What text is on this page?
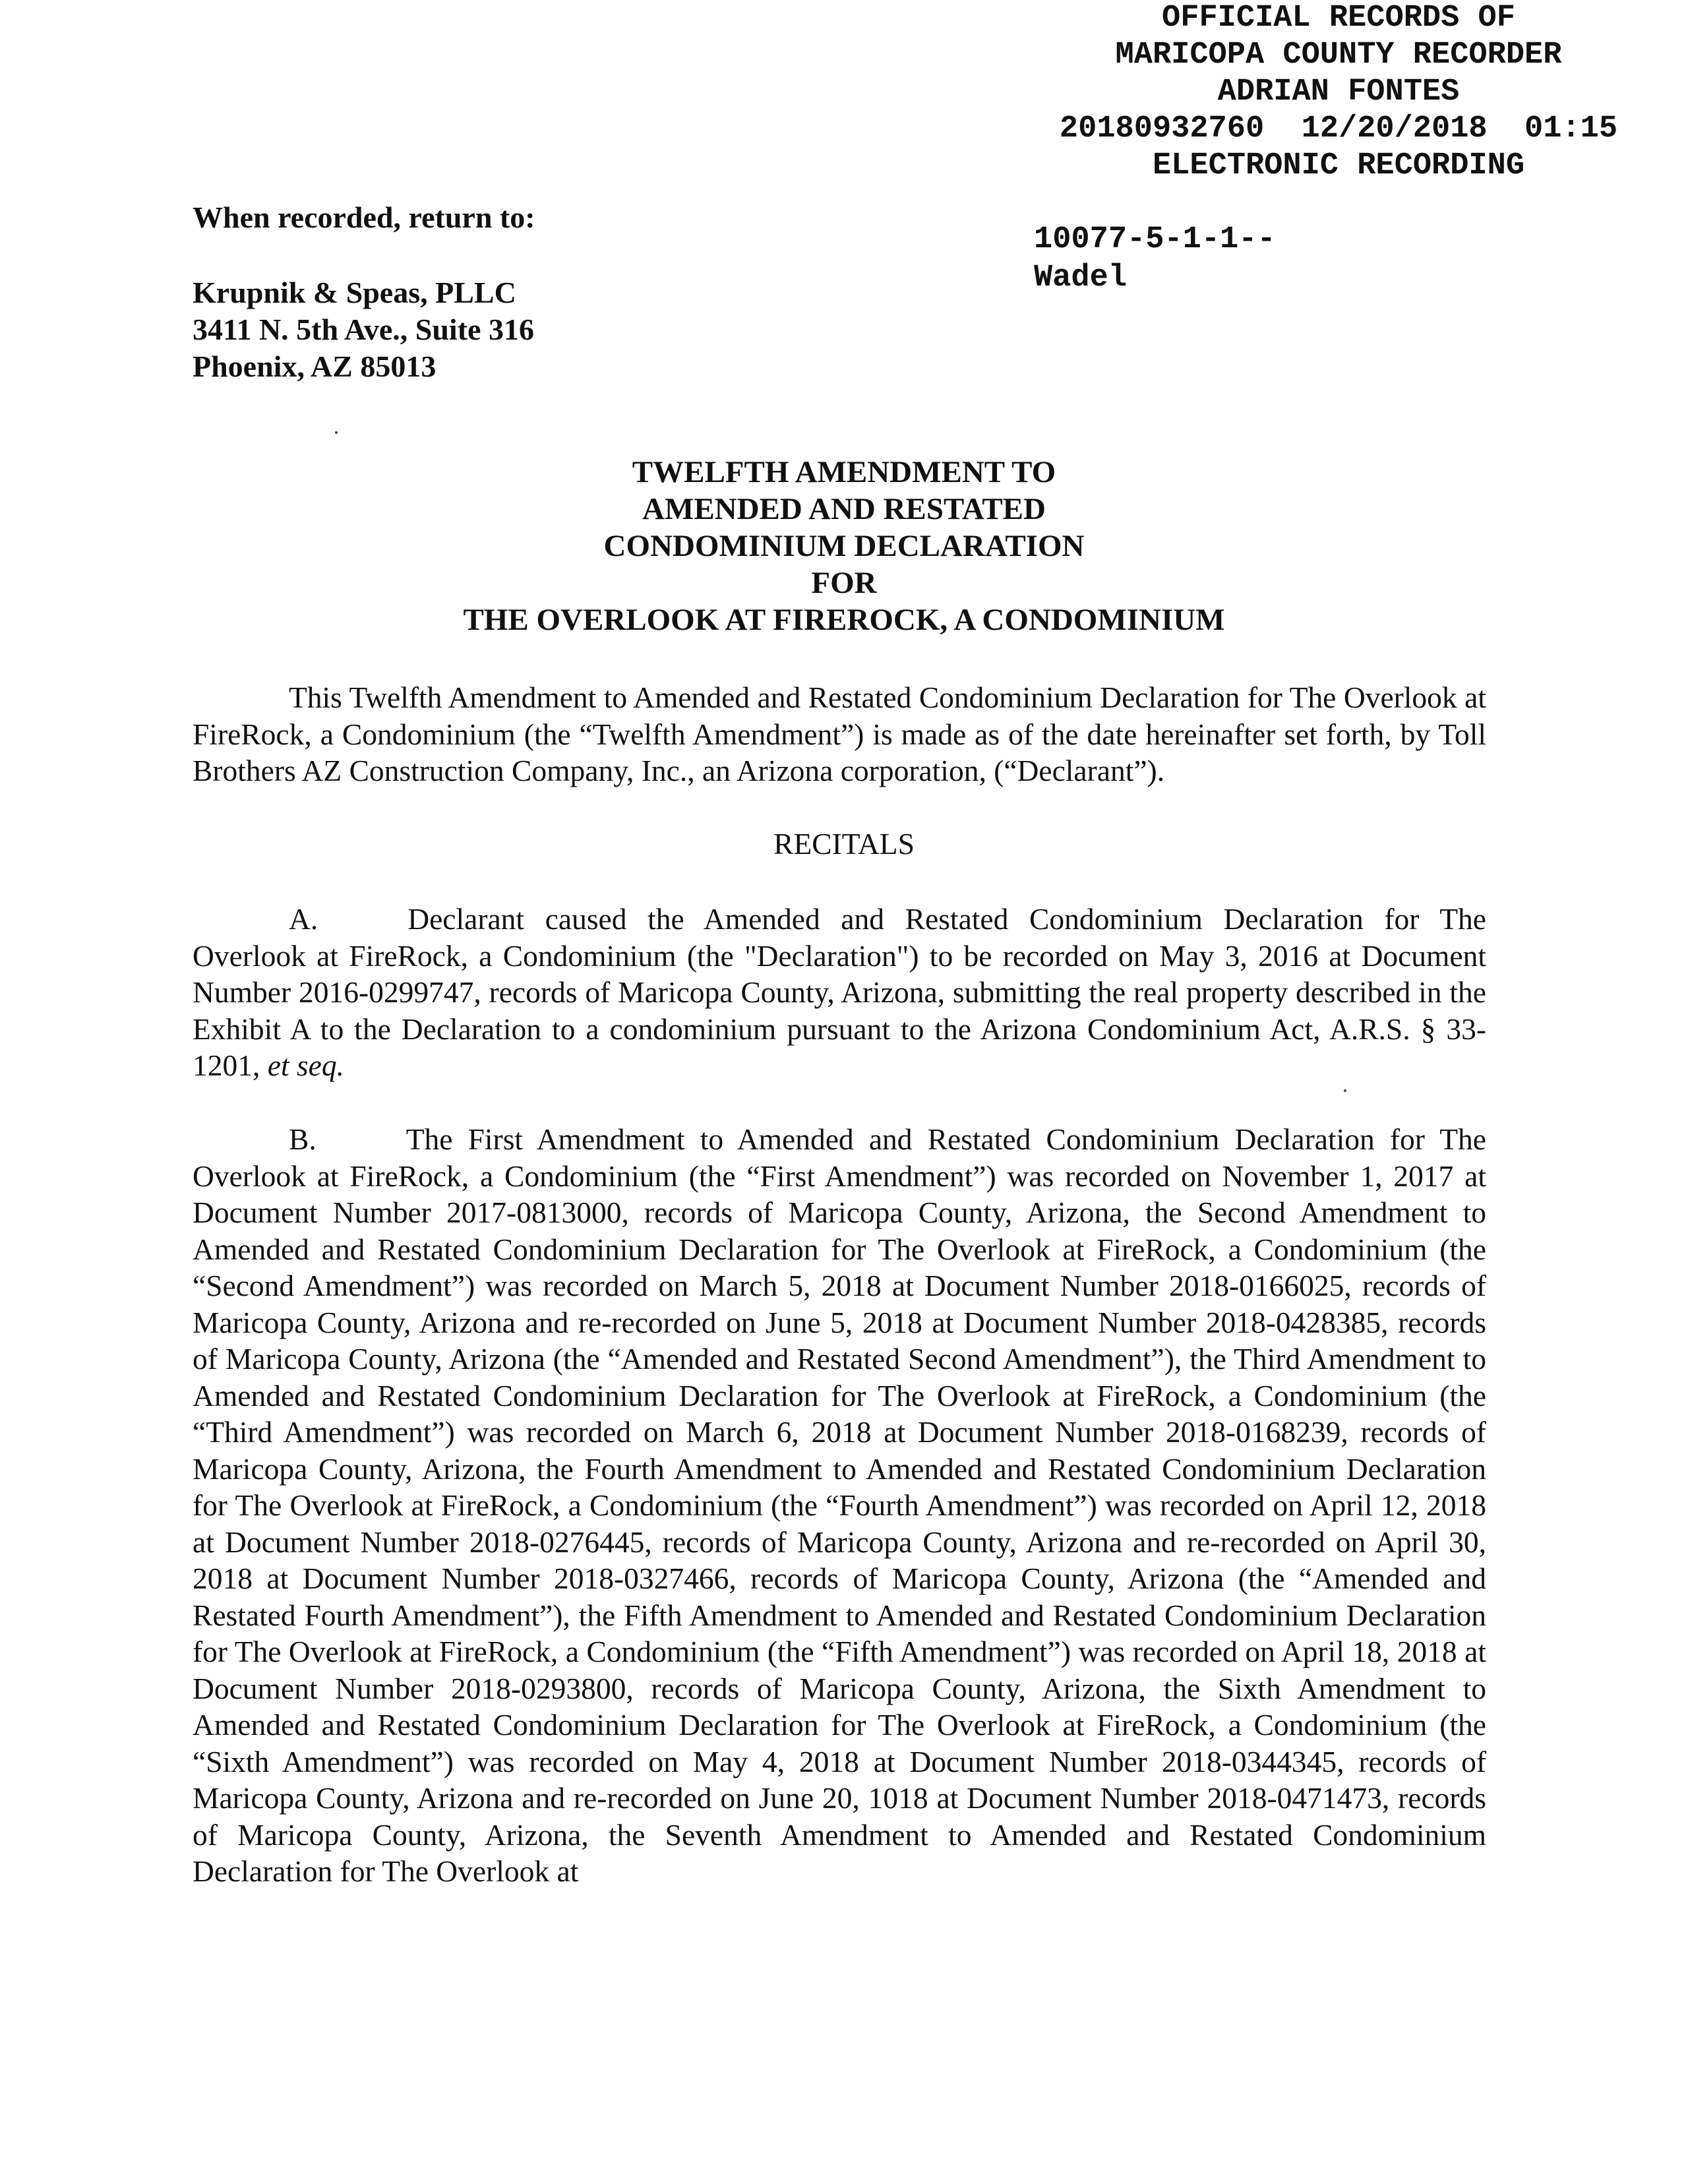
OFFICIAL RECORDS OF
MARICOPA COUNTY RECORDER
ADRIAN FONTES
20180932760  12/20/2018  01:15
ELECTRONIC RECORDING
10077-5-1-1--
Wadel
When recorded, return to:
Krupnik & Speas, PLLC
3411 N. 5th Ave., Suite 316
Phoenix, AZ 85013
TWELFTH AMENDMENT TO
AMENDED AND RESTATED
CONDOMINIUM DECLARATION
FOR
THE OVERLOOK AT FIREROCK, A CONDOMINIUM

This Twelfth Amendment to Amended and Restated Condominium Declaration for The Overlook at FireRock, a Condominium (the “Twelfth Amendment”) is made as of the date hereinafter set forth, by Toll Brothers AZ Construction Company, Inc., an Arizona corporation, (“Declarant”).

RECITALS

A.	Declarant caused the Amended and Restated Condominium Declaration for The Overlook at FireRock, a Condominium (the "Declaration") to be recorded on May 3, 2016 at Document Number 2016-0299747, records of Maricopa County, Arizona, submitting the real property described in the Exhibit A to the Declaration to a condominium pursuant to the Arizona Condominium Act, A.R.S. § 33-1201, et seq.

B.	The First Amendment to Amended and Restated Condominium Declaration for The Overlook at FireRock, a Condominium (the “First Amendment”) was recorded on November 1, 2017 at Document Number 2017-0813000, records of Maricopa County, Arizona, the Second Amendment to Amended and Restated Condominium Declaration for The Overlook at FireRock, a Condominium (the “Second Amendment”) was recorded on March 5, 2018 at Document Number 2018-0166025, records of Maricopa County, Arizona and re-recorded on June 5, 2018 at Document Number 2018-0428385, records of Maricopa County, Arizona (the “Amended and Restated Second Amendment”), the Third Amendment to Amended and Restated Condominium Declaration for The Overlook at FireRock, a Condominium (the “Third Amendment”) was recorded on March 6, 2018 at Document Number 2018-0168239, records of Maricopa County, Arizona, the Fourth Amendment to Amended and Restated Condominium Declaration for The Overlook at FireRock, a Condominium (the “Fourth Amendment”) was recorded on April 12, 2018 at Document Number 2018-0276445, records of Maricopa County, Arizona and re-recorded on April 30, 2018 at Document Number 2018-0327466, records of Maricopa County, Arizona (the “Amended and Restated Fourth Amendment”), the Fifth Amendment to Amended and Restated Condominium Declaration for The Overlook at FireRock, a Condominium (the “Fifth Amendment”) was recorded on April 18, 2018 at Document Number 2018-0293800, records of Maricopa County, Arizona, the Sixth Amendment to Amended and Restated Condominium Declaration for The Overlook at FireRock, a Condominium (the “Sixth Amendment”) was recorded on May 4, 2018 at Document Number 2018-0344345, records of Maricopa County, Arizona and re-recorded on June 20, 1018 at Document Number 2018-0471473, records of Maricopa County, Arizona, the Seventh Amendment to Amended and Restated Condominium Declaration for The Overlook at
